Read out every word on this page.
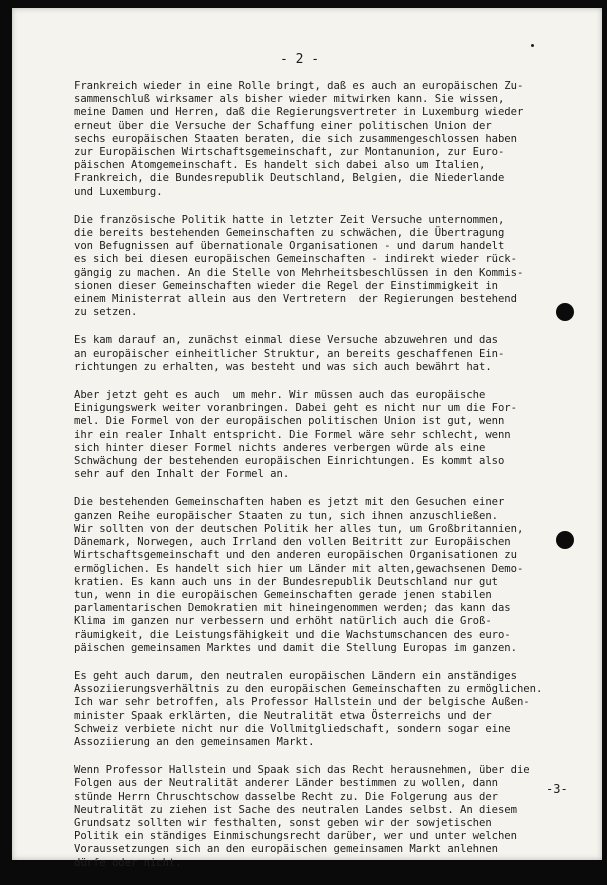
- 2 -
Frankreich wieder in eine Rolle bringt, daß es auch an europäischen Zu-
sammenschluß wirksamer als bisher wieder mitwirken kann. Sie wissen,
meine Damen und Herren, daß die Regierungsvertreter in Luxemburg wieder
erneut über die Versuche der Schaffung einer politischen Union der
sechs europäischen Staaten beraten, die sich zusammengeschlossen haben
zur Europäischen Wirtschaftsgemeinschaft, zur Montanunion, zur Euro-
päischen Atomgemeinschaft. Es handelt sich dabei also um Italien,
Frankreich, die Bundesrepublik Deutschland, Belgien, die Niederlande
und Luxemburg.
Die französische Politik hatte in letzter Zeit Versuche unternommen,
die bereits bestehenden Gemeinschaften zu schwächen, die Übertragung
von Befugnissen auf übernationale Organisationen - und darum handelt
es sich bei diesen europäischen Gemeinschaften - indirekt wieder rück-
gängig zu machen. An die Stelle von Mehrheitsbeschlüssen in den Kommis-
sionen dieser Gemeinschaften wieder die Regel der Einstimmigkeit in
einem Ministerrat allein aus den Vertretern  der Regierungen bestehend
zu setzen.
Es kam darauf an, zunächst einmal diese Versuche abzuwehren und das
an europäischer einheitlicher Struktur, an bereits geschaffenen Ein-
richtungen zu erhalten, was besteht und was sich auch bewährt hat.
Aber jetzt geht es auch  um mehr. Wir müssen auch das europäische
Einigungswerk weiter voranbringen. Dabei geht es nicht nur um die For-
mel. Die Formel von der europäischen politischen Union ist gut, wenn
ihr ein realer Inhalt entspricht. Die Formel wäre sehr schlecht, wenn
sich hinter dieser Formel nichts anderes verbergen würde als eine
Schwächung der bestehenden europäischen Einrichtungen. Es kommt also
sehr auf den Inhalt der Formel an.
Die bestehenden Gemeinschaften haben es jetzt mit den Gesuchen einer
ganzen Reihe europäischer Staaten zu tun, sich ihnen anzuschließen.
Wir sollten von der deutschen Politik her alles tun, um Großbritannien,
Dänemark, Norwegen, auch Irrland den vollen Beitritt zur Europäischen
Wirtschaftsgemeinschaft und den anderen europäischen Organisationen zu
ermöglichen. Es handelt sich hier um Länder mit alten,gewachsenen Demo-
kratien. Es kann auch uns in der Bundesrepublik Deutschland nur gut
tun, wenn in die europäischen Gemeinschaften gerade jenen stabilen
parlamentarischen Demokratien mit hineingenommen werden; das kann das
Klima im ganzen nur verbessern und erhöht natürlich auch die Groß-
räumigkeit, die Leistungsfähigkeit und die Wachstumschancen des euro-
päischen gemeinsamen Marktes und damit die Stellung Europas im ganzen.
Es geht auch darum, den neutralen europäischen Ländern ein anständiges
Assoziierungsverhältnis zu den europäischen Gemeinschaften zu ermöglichen.
Ich war sehr betroffen, als Professor Hallstein und der belgische Außen-
minister Spaak erklärten, die Neutralität etwa Österreichs und der
Schweiz verbiete nicht nur die Vollmitgliedschaft, sondern sogar eine
Assoziierung an den gemeinsamen Markt.
Wenn Professor Hallstein und Spaak sich das Recht herausnehmen, über die
Folgen aus der Neutralität anderer Länder bestimmen zu wollen, dann
stünde Herrn Chruschtschow dasselbe Recht zu. Die Folgerung aus der
Neutralität zu ziehen ist Sache des neutralen Landes selbst. An diesem
Grundsatz sollten wir festhalten, sonst geben wir der sowjetischen
Politik ein ständiges Einmischungsrecht darüber, wer und unter welchen
Voraussetzungen sich an den europäischen gemeinsamen Markt anlehnen
dürfe oder nicht.
-3-
